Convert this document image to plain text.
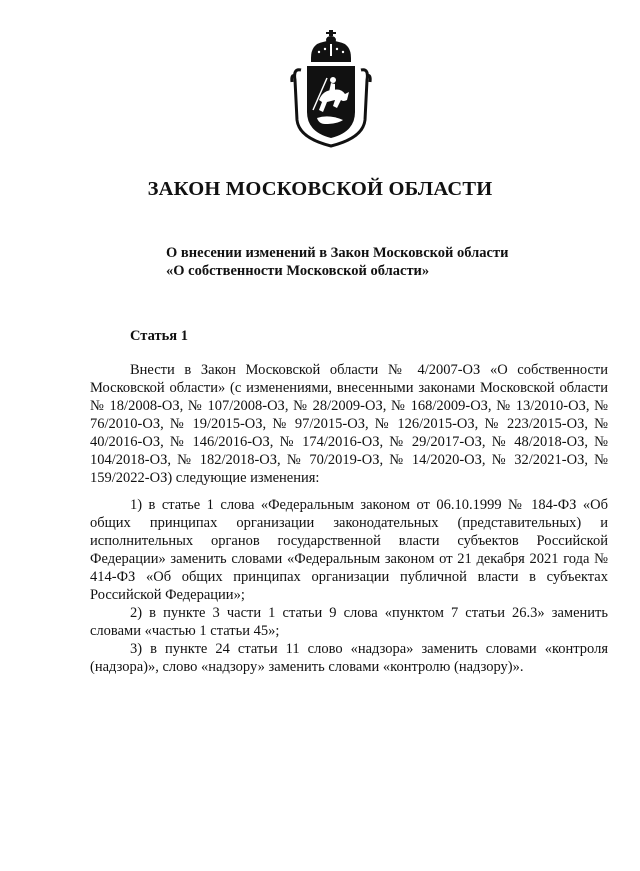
ЗАКОН МОСКОВСКОЙ ОБЛАСТИ
О внесении изменений в Закон Московской области
«О собственности Московской области»
Статья 1

Внести в Закон Московской области № 4/2007-ОЗ «О собственности Московской области» (с изменениями, внесенными законами Московской области № 18/2008-ОЗ, № 107/2008-ОЗ, № 28/2009-ОЗ, № 168/2009-ОЗ, № 13/2010-ОЗ, № 76/2010-ОЗ, № 19/2015-ОЗ, № 97/2015-ОЗ, № 126/2015-ОЗ, № 223/2015-ОЗ, № 40/2016-ОЗ, № 146/2016-ОЗ, № 174/2016-ОЗ, № 29/2017-ОЗ, № 48/2018-ОЗ, № 104/2018-ОЗ, № 182/2018-ОЗ, № 70/2019-ОЗ, № 14/2020-ОЗ, № 32/2021-ОЗ, № 159/2022-ОЗ) следующие изменения:

1) в статье 1 слова «Федеральным законом от 06.10.1999 № 184-ФЗ «Об общих принципах организации законодательных (представительных) и исполнительных органов государственной власти субъектов Российской Федерации» заменить словами «Федеральным законом от 21 декабря 2021 года № 414-ФЗ «Об общих принципах организации публичной власти в субъектах Российской Федерации»;

2) в пункте 3 части 1 статьи 9 слова «пунктом 7 статьи 26.3» заменить словами «частью 1 статьи 45»;

3) в пункте 24 статьи 11 слово «надзора» заменить словами «контроля (надзора)», слово «надзору» заменить словами «контролю (надзору)».
